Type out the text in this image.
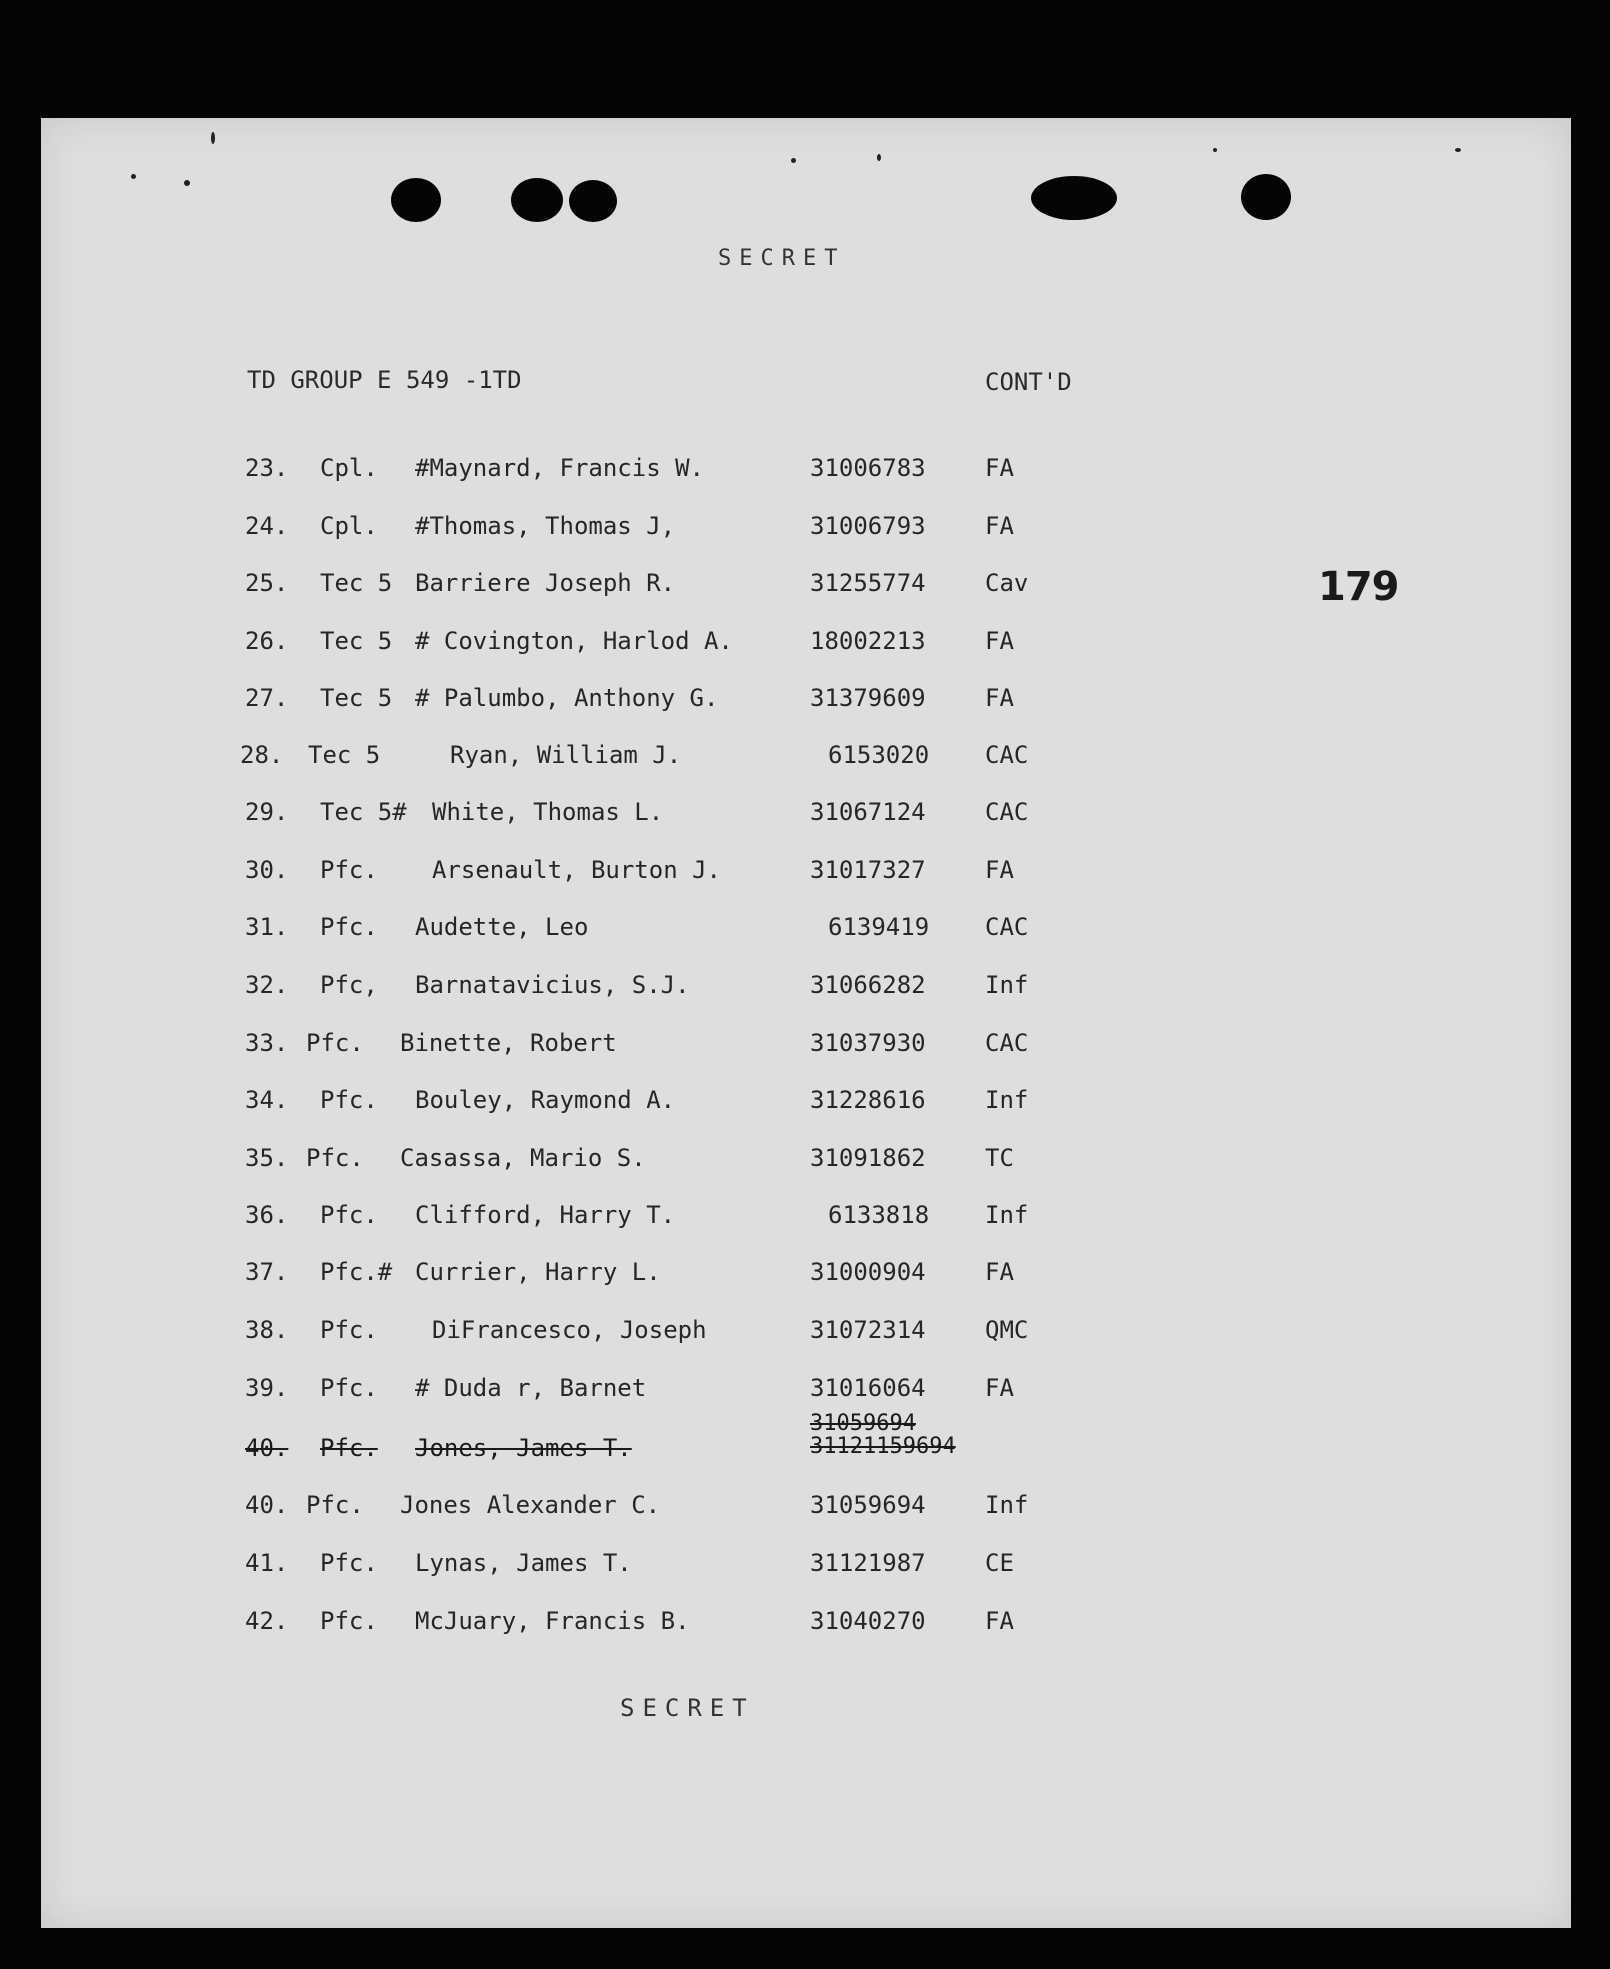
SECRET
TD GROUP E 549 -1TD	CONT'D
179
23. Cpl. #Maynard, Francis W.	31006783 FA
24. Cpl. #Thomas, Thomas J,	31006793 FA
25. Tec 5 Barriere Joseph R.	31255774 Cav
26. Tec 5 # Covington, Harlod A.	18002213 FA
27. Tec 5 # Palumbo, Anthony G.	31379609 FA
28. Tec 5	Ryan, William J.	6153020 CAC
29. Tec 5# White, Thomas L.	31067124 CAC
30. Pfc. Arsenault, Burton J.	31017327 FA
31. Pfc. Audette, Leo	6139419 CAC
32. Pfc, Barnatavicius, S.J.	31066282 Inf
33. Pfc. Binette, Robert	31037930 CAC
34. Pfc. Bouley, Raymond A.	31228616 Inf
35. Pfc. Casassa, Mario S.	31091862 TC
36. Pfc. Clifford, Harry T.	6133818 Inf
37. Pfc.# Currier, Harry L.	31000904 FA
38. Pfc. DiFrancesco, Joseph	31072314 QMC
39. Pfc. # Duda r, Barnet	31016064 FA
40. Pfc. Jones, James T.	31121159694
31059694
40. Pfc. Jones Alexander C.	31059694 Inf
41. Pfc. Lynas, James T.	31121987 CE
42. Pfc. McJuary, Francis B.	31040270 FA
SECRET
